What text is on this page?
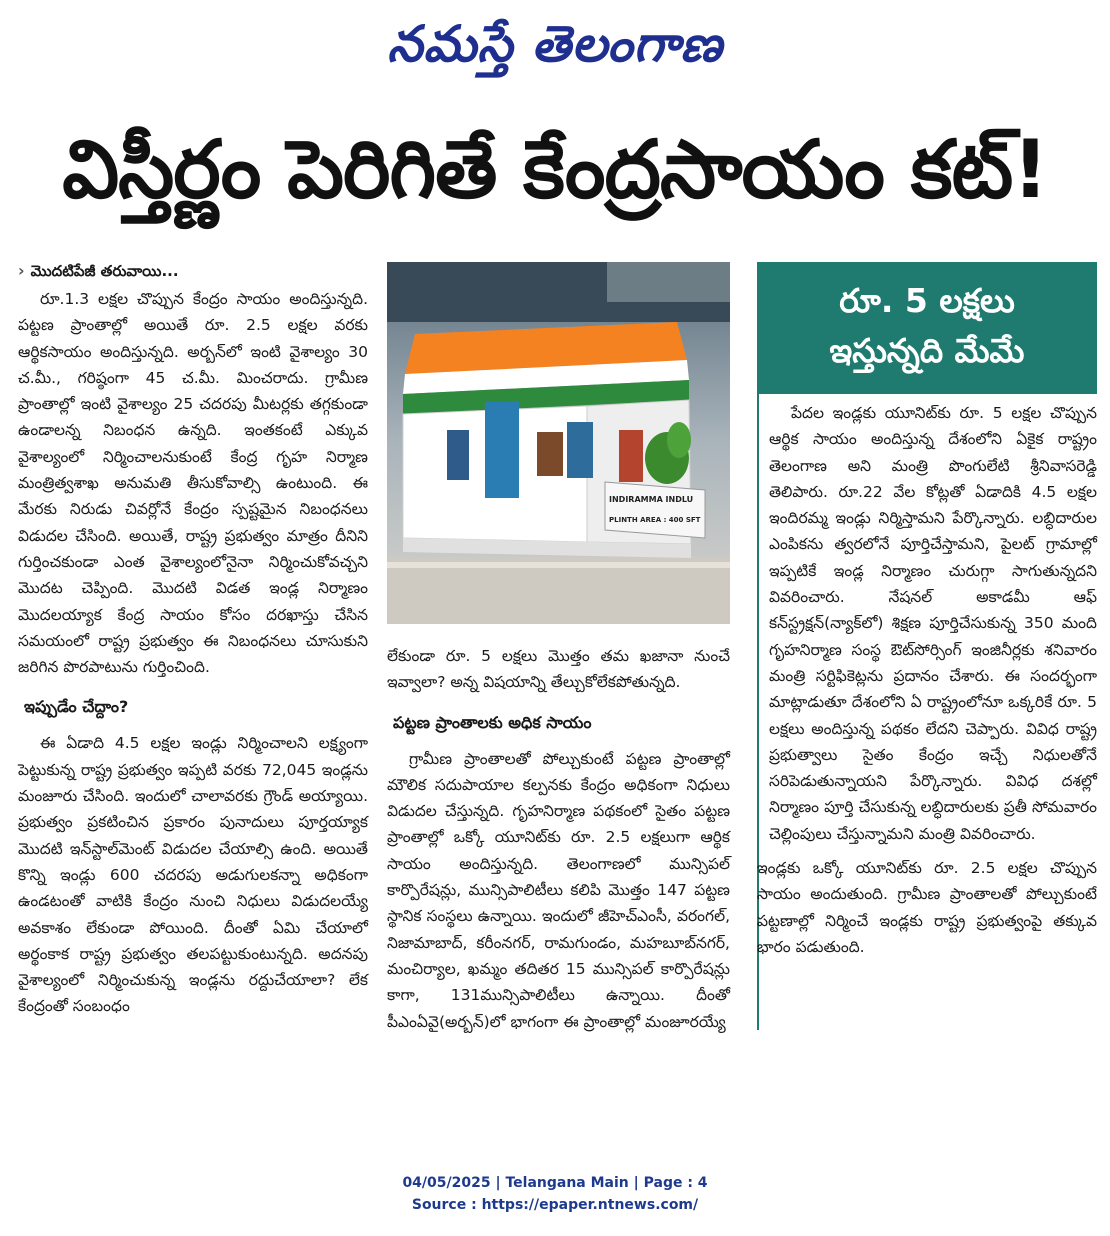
నమస్తే తెలంగాణ
విస్తీర్ణం పెరిగితే కేంద్రసాయం కట్!
› మొదటిపేజీ తరువాయి...

రూ.1.3 లక్షల చొప్పున కేంద్రం సాయం అందిస్తున్నది. పట్టణ ప్రాంతాల్లో అయితే రూ. 2.5 లక్షల వరకు ఆర్థికసాయం అందిస్తున్నది. అర్బన్‌లో ఇంటి వైశాల్యం 30 చ.మీ., గరిష్ఠంగా 45 చ.మీ. మించరాదు. గ్రామీణ ప్రాంతాల్లో ఇంటి వైశాల్యం 25 చదరపు మీటర్లకు తగ్గకుండా ఉండాలన్న నిబంధన ఉన్నది. ఇంతకంటే ఎక్కువ వైశాల్యంలో నిర్మించాలనుకుంటే కేంద్ర గృహ నిర్మాణ మంత్రిత్వశాఖ అనుమతి తీసుకోవాల్సి ఉంటుంది. ఈ మేరకు నిరుడు చివర్లోనే కేంద్రం స్పష్టమైన నిబంధనలు విడుదల చేసింది. అయితే, రాష్ట్ర ప్రభుత్వం మాత్రం దీనిని గుర్తించకుండా ఎంత వైశాల్యంలోనైనా నిర్మించుకోవచ్చని మొదట చెప్పింది. మొదటి విడత ఇండ్ల నిర్మాణం మొదలయ్యాక కేంద్ర సాయం కోసం దరఖాస్తు చేసిన సమయంలో రాష్ట్ర ప్రభుత్వం ఈ నిబంధనలు చూసుకుని జరిగిన పొరపాటును గుర్తించింది.

ఇప్పుడేం చేద్దాం?

ఈ ఏడాది 4.5 లక్షల ఇండ్లు నిర్మించాలని లక్ష్యంగా పెట్టుకున్న రాష్ట్ర ప్రభుత్వం ఇప్పటి వరకు 72,045 ఇండ్లను మంజూరు చేసింది. ఇందులో చాలావరకు గ్రౌండ్ అయ్యాయి. ప్రభుత్వం ప్రకటించిన ప్రకారం పునాదులు పూర్తయ్యాక మొదటి ఇన్‌స్టాల్‌మెంట్ విడుదల చేయాల్సి ఉంది. అయితే కొన్ని ఇండ్లు 600 చదరపు అడుగులకన్నా అధికంగా ఉండటంతో వాటికి కేంద్రం నుంచి నిధులు విడుదలయ్యే అవకాశం లేకుండా పోయింది. దీంతో ఏమి చేయాలో అర్థంకాక రాష్ట్ర ప్రభుత్వం తలపట్టుకుంటున్నది. అదనపు వైశాల్యంలో నిర్మించుకున్న ఇండ్లను రద్దుచేయాలా? లేక కేంద్రంతో సంబంధం

INDIRAMMA INDLU
PLINTH AREA : 400 SFT

లేకుండా రూ. 5 లక్షలు మొత్తం తమ ఖజానా నుంచే ఇవ్వాలా? అన్న విషయాన్ని తేల్చుకోలేకపోతున్నది.

పట్టణ ప్రాంతాలకు అధిక సాయం

గ్రామీణ ప్రాంతాలతో పోల్చుకుంటే పట్టణ ప్రాంతాల్లో మౌలిక సదుపాయాల కల్పనకు కేంద్రం అధికంగా నిధులు విడుదల చేస్తున్నది. గృహనిర్మాణ పథకంలో సైతం పట్టణ ప్రాంతాల్లో ఒక్కో యూనిట్‌కు రూ. 2.5 లక్షలుగా ఆర్థిక సాయం అందిస్తున్నది. తెలంగాణలో మున్సిపల్ కార్పొరేషన్లు, మున్సిపాలిటీలు కలిపి మొత్తం 147 పట్టణ స్థానిక సంస్థలు ఉన్నాయి. ఇందులో జీహెచ్‌ఎంసీ, వరంగల్, నిజామాబాద్, కరీంనగర్, రామగుండం, మహబూబ్‌నగర్, మంచిర్యాల, ఖమ్మం తదితర 15 మున్సిపల్ కార్పొరేషన్లు కాగా, 131మున్సిపాలిటీలు ఉన్నాయి. దీంతో పీఎంఏవై(అర్బన్)లో భాగంగా ఈ ప్రాంతాల్లో మంజూరయ్యే

రూ. 5 లక్షలు
ఇస్తున్నది మేమే

పేదల ఇండ్లకు యూనిట్‌కు రూ. 5 లక్షల చొప్పున ఆర్థిక సాయం అందిస్తున్న దేశంలోని ఏకైక రాష్ట్రం తెలంగాణ అని మంత్రి పొంగులేటి శ్రీనివాసరెడ్డి తెలిపారు. రూ.22 వేల కోట్లతో ఏడాదికి 4.5 లక్షల ఇందిరమ్మ ఇండ్లు నిర్మిస్తామని పేర్కొన్నారు. లబ్ధిదారుల ఎంపికను త్వరలోనే పూర్తిచేస్తామని, పైలట్ గ్రామాల్లో ఇప్పటికే ఇండ్ల నిర్మాణం చురుగ్గా సాగుతున్నదని వివరించారు. నేషనల్ అకాడమీ ఆఫ్ కన్‌స్ట్రక్షన్(న్యాక్‌లో) శిక్షణ పూర్తిచేసుకున్న 350 మంది గృహనిర్మాణ సంస్థ ఔట్‌సోర్సింగ్ ఇంజినీర్లకు శనివారం మంత్రి సర్టిఫికెట్లను ప్రదానం చేశారు. ఈ సందర్భంగా మాట్లాడుతూ దేశంలోని ఏ రాష్ట్రంలోనూ ఒక్కరికే రూ. 5 లక్షలు అందిస్తున్న పథకం లేదని చెప్పారు. వివిధ రాష్ట్ర ప్రభుత్వాలు సైతం కేంద్రం ఇచ్చే నిధులతోనే సరిపెడుతున్నాయని పేర్కొన్నారు. వివిధ దశల్లో నిర్మాణం పూర్తి చేసుకున్న లబ్ధిదారులకు ప్రతీ సోమవారం చెల్లింపులు చేస్తున్నామని మంత్రి వివరించారు.

ఇండ్లకు ఒక్కో యూనిట్‌కు రూ. 2.5 లక్షల చొప్పున సాయం అందుతుంది. గ్రామీణ ప్రాంతాలతో పోల్చుకుంటే పట్టణాల్లో నిర్మించే ఇండ్లకు రాష్ట్ర ప్రభుత్వంపై తక్కువ భారం పడుతుంది.

04/05/2025 | Telangana Main | Page : 4
Source : https://epaper.ntnews.com/
